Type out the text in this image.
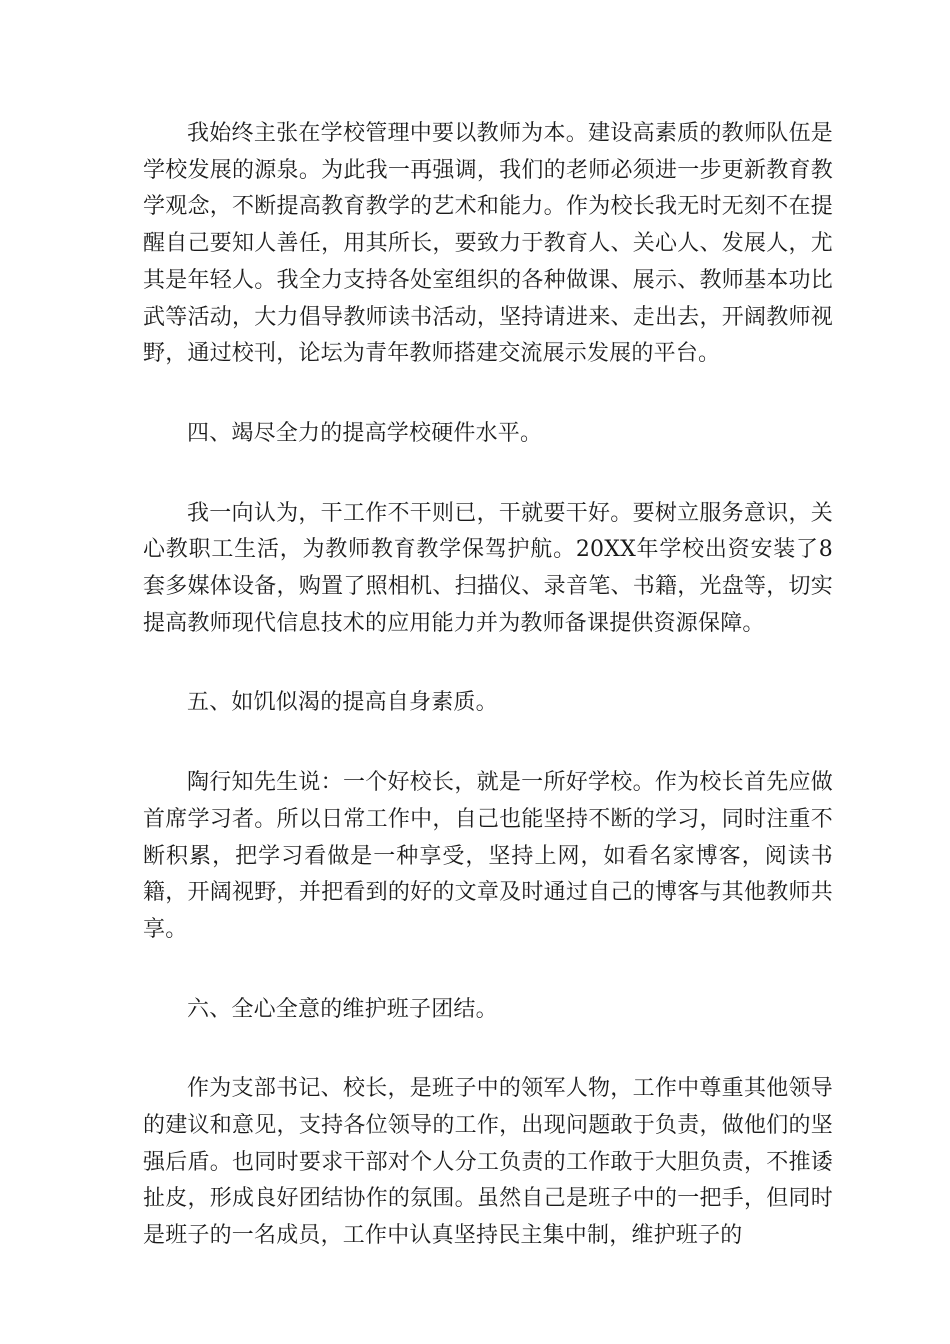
我始终主张在学校管理中要以教师为本。建设高素质的教师队伍是学校发展的源泉。为此我一再强调，我们的老师必须进一步更新教育教学观念，不断提高教育教学的艺术和能力。作为校长我无时无刻不在提醒自己要知人善任，用其所长，要致力于教育人、关心人、发展人，尤其是年轻人。我全力支持各处室组织的各种做课、展示、教师基本功比武等活动，大力倡导教师读书活动，坚持请进来、走出去，开阔教师视野，通过校刊，论坛为青年教师搭建交流展示发展的平台。

四、竭尽全力的提高学校硬件水平。

我一向认为，干工作不干则已，干就要干好。要树立服务意识，关心教职工生活，为教师教育教学保驾护航。20XX年学校出资安装了8套多媒体设备，购置了照相机、扫描仪、录音笔、书籍，光盘等，切实提高教师现代信息技术的应用能力并为教师备课提供资源保障。

五、如饥似渴的提高自身素质。

陶行知先生说：一个好校长，就是一所好学校。作为校长首先应做首席学习者。所以日常工作中，自己也能坚持不断的学习，同时注重不断积累，把学习看做是一种享受，坚持上网，如看名家博客，阅读书籍，开阔视野，并把看到的好的文章及时通过自己的博客与其他教师共享。

六、全心全意的维护班子团结。

作为支部书记、校长，是班子中的领军人物，工作中尊重其他领导的建议和意见，支持各位领导的工作，出现问题敢于负责，做他们的坚强后盾。也同时要求干部对个人分工负责的工作敢于大胆负责，不推诿扯皮，形成良好团结协作的氛围。虽然自己是班子中的一把手，但同时是班子的一名成员，工作中认真坚持民主集中制，维护班子的
